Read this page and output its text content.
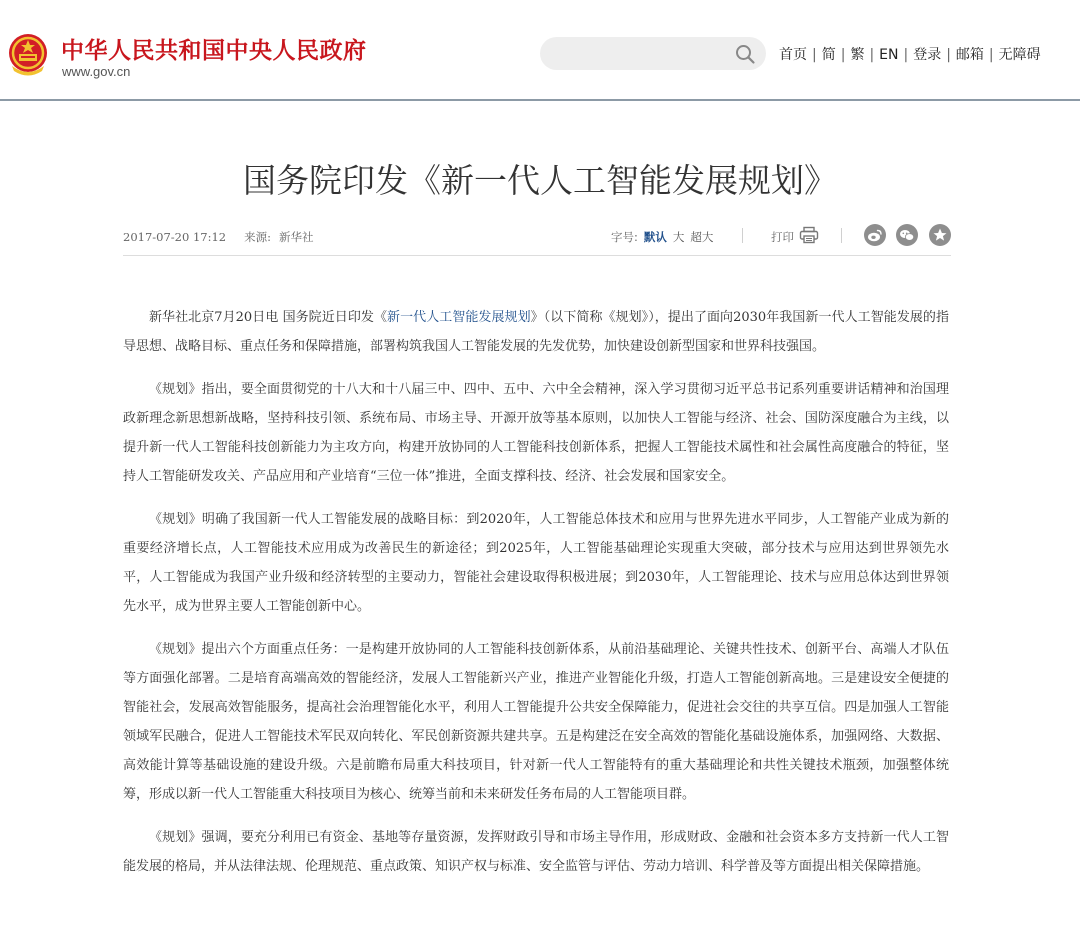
中华人民共和国中央人民政府
www.gov.cn
首页 | 简 | 繁 | EN | 登录 | 邮箱 | 无障碍
国务院印发《新一代人工智能发展规划》
2017-07-20 17:12 来源: 新华社	字号: 默认 大 超大	打印

新华社北京7月20日电 国务院近日印发《新一代人工智能发展规划》（以下简称《规划》），提出了面向2030年我国新一代人工智能发展的指导思想、战略目标、重点任务和保障措施，部署构筑我国人工智能发展的先发优势，加快建设创新型国家和世界科技强国。

《规划》指出，要全面贯彻党的十八大和十八届三中、四中、五中、六中全会精神，深入学习贯彻习近平总书记系列重要讲话精神和治国理政新理念新思想新战略，坚持科技引领、系统布局、市场主导、开源开放等基本原则，以加快人工智能与经济、社会、国防深度融合为主线，以提升新一代人工智能科技创新能力为主攻方向，构建开放协同的人工智能科技创新体系，把握人工智能技术属性和社会属性高度融合的特征，坚持人工智能研发攻关、产品应用和产业培育“三位一体”推进，全面支撑科技、经济、社会发展和国家安全。

《规划》明确了我国新一代人工智能发展的战略目标：到2020年，人工智能总体技术和应用与世界先进水平同步，人工智能产业成为新的重要经济增长点，人工智能技术应用成为改善民生的新途径；到2025年，人工智能基础理论实现重大突破，部分技术与应用达到世界领先水平，人工智能成为我国产业升级和经济转型的主要动力，智能社会建设取得积极进展；到2030年，人工智能理论、技术与应用总体达到世界领先水平，成为世界主要人工智能创新中心。

《规划》提出六个方面重点任务：一是构建开放协同的人工智能科技创新体系，从前沿基础理论、关键共性技术、创新平台、高端人才队伍等方面强化部署。二是培育高端高效的智能经济，发展人工智能新兴产业，推进产业智能化升级，打造人工智能创新高地。三是建设安全便捷的智能社会，发展高效智能服务，提高社会治理智能化水平，利用人工智能提升公共安全保障能力，促进社会交往的共享互信。四是加强人工智能领域军民融合，促进人工智能技术军民双向转化、军民创新资源共建共享。五是构建泛在安全高效的智能化基础设施体系，加强网络、大数据、高效能计算等基础设施的建设升级。六是前瞻布局重大科技项目，针对新一代人工智能特有的重大基础理论和共性关键技术瓶颈，加强整体统筹，形成以新一代人工智能重大科技项目为核心、统筹当前和未来研发任务布局的人工智能项目群。

《规划》强调，要充分利用已有资金、基地等存量资源，发挥财政引导和市场主导作用，形成财政、金融和社会资本多方支持新一代人工智能发展的格局，并从法律法规、伦理规范、重点政策、知识产权与标准、安全监管与评估、劳动力培训、科学普及等方面提出相关保障措施。
